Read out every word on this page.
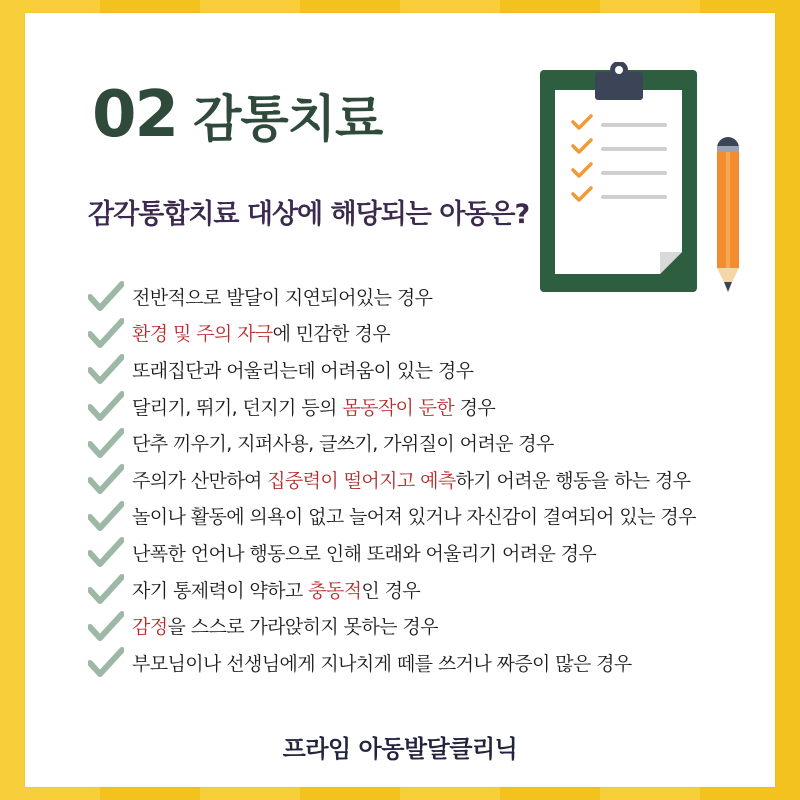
02 감통치료
감각통합치료 대상에 해당되는 아동은?
전반적으로 발달이 지연되어있는 경우
환경 및 주의 자극에 민감한 경우
또래집단과 어울리는데 어려움이 있는 경우
달리기, 뛰기, 던지기 등의 몸동작이 둔한 경우
단추 끼우기, 지퍼사용, 글쓰기, 가위질이 어려운 경우
주의가 산만하여 집중력이 떨어지고 예측하기 어려운 행동을 하는 경우
놀이나 활동에 의욕이 없고 늘어져 있거나 자신감이 결여되어 있는 경우
난폭한 언어나 행동으로 인해 또래와 어울리기 어려운 경우
자기 통제력이 약하고 충동적인 경우
감정을 스스로 가라앉히지 못하는 경우
부모님이나 선생님에게 지나치게 떼를 쓰거나 짜증이 많은 경우
프라임 아동발달클리닉
